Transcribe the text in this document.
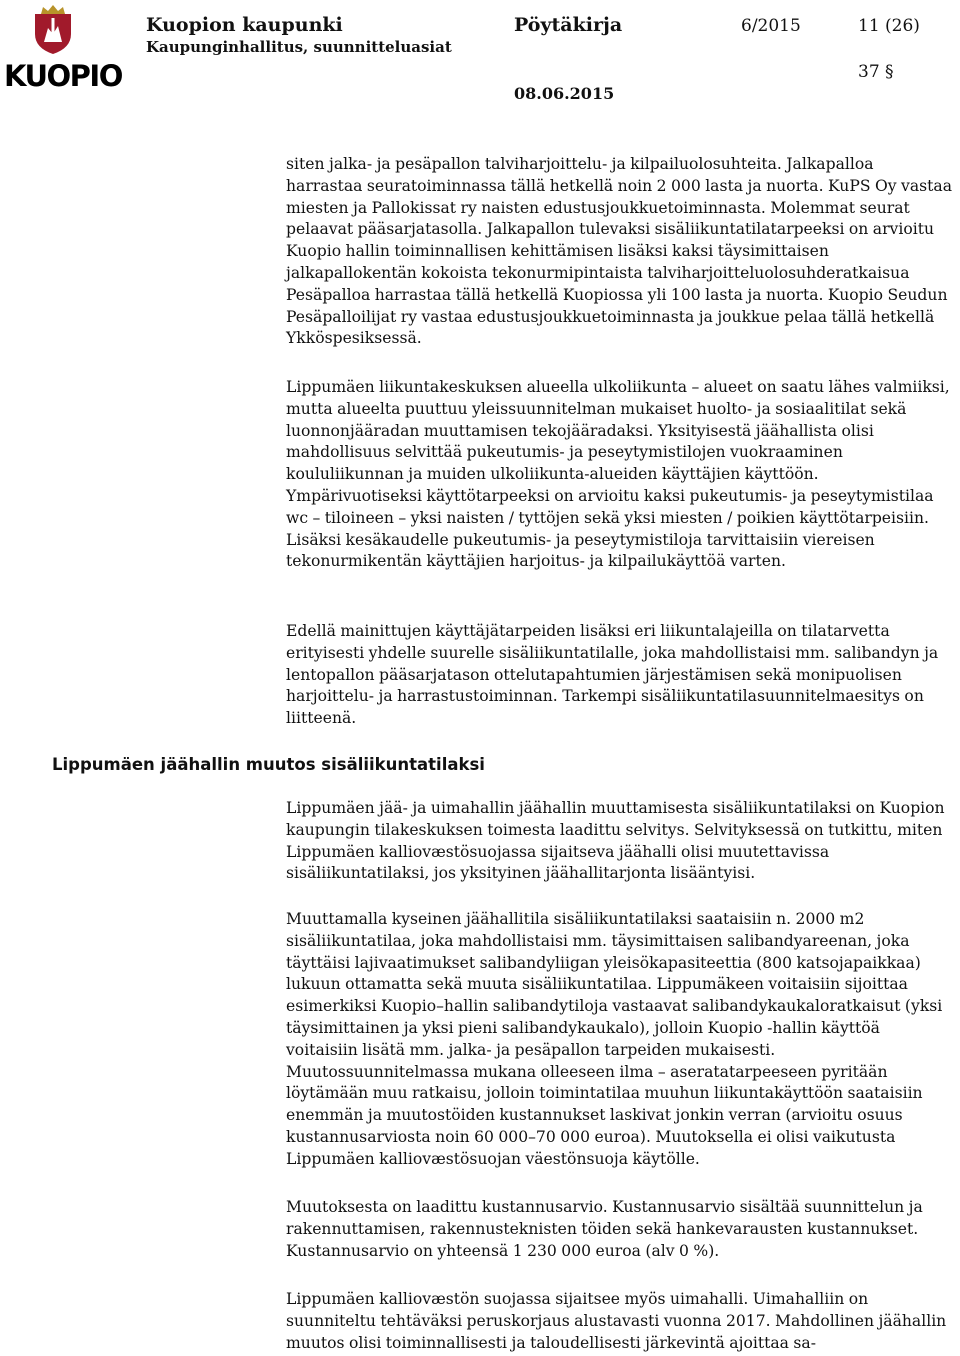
KUOPIO
Kuopion kaupunki
Kaupunginhallitus, suunnitteluasiat
Pöytäkirja	6/2015	11 (26)
37 §
08.06.2015
Lippumäen jäähallin muutos sisäliikuntatilaksi

siten jalka- ja pesäpallon talviharjoittelu- ja kilpailuolosuhteita. Jalkapalloa harrastaa seuratoiminnassa tällä hetkellä noin 2 000 lasta ja nuorta. KuPS Oy vastaa miesten ja Pallokissat ry naisten edustusjoukkuetoiminnasta. Molemmat seurat pelaavat pääsarjatasolla. Jalkapallon tulevaksi sisäliikuntatilatarpeeksi on arvioitu Kuopio hallin toiminnallisen kehittämisen lisäksi kaksi täysimittaisen jalkapallokentän kokoista tekonurmipintaista talviharjoitteluolosuhderatkaisua Pesäpalloa harrastaa tällä hetkellä Kuopiossa yli 100 lasta ja nuorta. Kuopio Seudun Pesäpalloilijat ry vastaa edustusjoukkuetoiminnasta ja joukkue pelaa tällä hetkellä Ykköspesiksessä.

Lippumäen liikuntakeskuksen alueella ulkoliikunta – alueet on saatu lähes valmiiksi, mutta alueelta puuttuu yleissuunnitelman mukaiset huolto- ja sosiaalitilat sekä luonnonjääradan muuttamisen tekojääradaksi. Yksityisestä jäähallista olisi mahdollisuus selvittää pukeutumis- ja peseytymistilojen vuokraaminen koululiikunnan ja muiden ulkoliikunta-alueiden käyttäjien käyttöön. Ympärivuotiseksi käyttötarpeeksi on arvioitu kaksi pukeutumis- ja peseytymistilaa wc – tiloineen – yksi naisten / tyttöjen sekä yksi miesten / poikien käyttötarpeisiin. Lisäksi kesäkaudelle pukeutumis- ja peseytymistiloja tarvittaisiin viereisen tekonurmikentän käyttäjien harjoitus- ja kilpailukäyttöä varten.

Edellä mainittujen käyttäjätarpeiden lisäksi eri liikuntalajeilla on tilatarvetta erityisesti yhdelle suurelle sisäliikuntatilalle, joka mahdollistaisi mm. salibandyn ja lentopallon pääsarjatason ottelutapahtumien järjestämisen sekä monipuolisen harjoittelu- ja harrastustoiminnan. Tarkempi sisäliikuntatilasuunnitelmaesitys on liitteenä.

Lippumäen jää- ja uimahallin jäähallin muuttamisesta sisäliikuntatilaksi on Kuopion kaupungin tilakeskuksen toimesta laadittu selvitys. Selvityksessä on tutkittu, miten Lippumäen kalliovæstösuojassa sijaitseva jäähalli olisi muutettavissa sisäliikuntatilaksi, jos yksityinen jäähallitarjonta lisääntyisi.

Muuttamalla kyseinen jäähallitila sisäliikuntatilaksi saataisiin n. 2000 m2 sisäliikuntatilaa, joka mahdollistaisi mm. täysimittaisen salibandyareenan, joka täyttäisi lajivaatimukset salibandyliigan yleisökapasiteettia (800 katsojapaikkaa) lukuun ottamatta sekä muuta sisäliikuntatilaa. Lippumäkeen voitaisiin sijoittaa esimerkiksi Kuopio–hallin salibandytiloja vastaavat salibandykaukaloratkaisut (yksi täysimittainen ja yksi pieni salibandykaukalo), jolloin Kuopio -hallin käyttöä voitaisiin lisätä mm. jalka- ja pesäpallon tarpeiden mukaisesti. Muutossuunnitelmassa mukana olleeseen ilma – aseratatarpeeseen pyritään löytämään muu ratkaisu, jolloin toimintatilaa muuhun liikuntakäyttöön saataisiin enemmän ja muutostöiden kustannukset laskivat jonkin verran (arvioitu osuus kustannusarviosta noin 60 000–70 000 euroa). Muutoksella ei olisi vaikutusta Lippumäen kalliovæstösuojan väestönsuoja käytölle.

Muutoksesta on laadittu kustannusarvio. Kustannusarvio sisältää suunnittelun ja rakennuttamisen, rakennusteknisten töiden sekä hankevarausten kustannukset. Kustannusarvio on yhteensä 1 230 000 euroa (alv 0 %).

Lippumäen kalliovæstön suojassa sijaitsee myös uimahalli. Uimahalliin on suunniteltu tehtäväksi peruskorjaus alustavasti vuonna 2017. Mahdollinen jäähallin muutos olisi toiminnallisesti ja taloudellisesti järkevintä ajoittaa sa-
